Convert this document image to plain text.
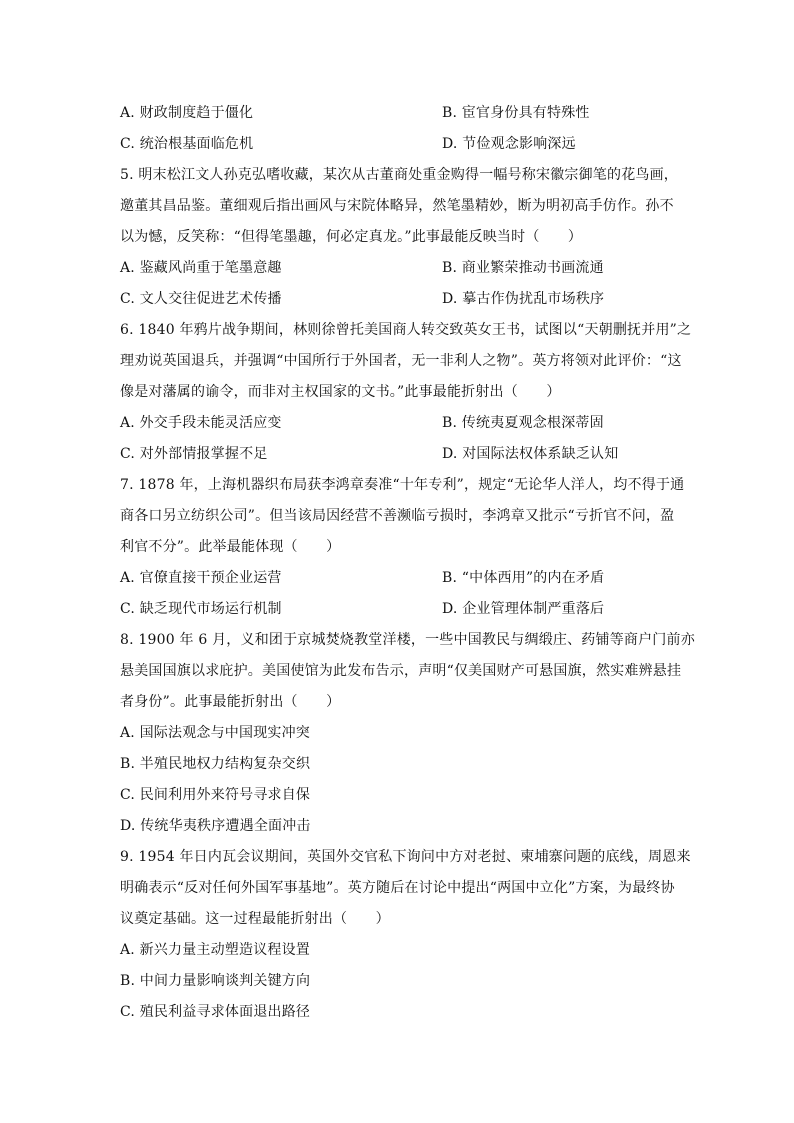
A. 财政制度趋于僵化	B. 宦官身份具有特殊性
C. 统治根基面临危机	D. 节俭观念影响深远
5. 明末松江文人孙克弘嗜收藏，某次从古董商处重金购得一幅号称宋徽宗御笔的花鸟画，
邀董其昌品鉴。董细观后指出画风与宋院体略异，然笔墨精妙，断为明初高手仿作。孙不
以为憾，反笑称：“但得笔墨趣，何必定真龙。”此事最能反映当时（　　）
A. 鉴藏风尚重于笔墨意趣	B. 商业繁荣推动书画流通
C. 文人交往促进艺术传播	D. 摹古作伪扰乱市场秩序
6. 1840 年鸦片战争期间，林则徐曾托美国商人转交致英女王书，试图以“天朝删抚并用”之
理劝说英国退兵，并强调“中国所行于外国者，无一非利人之物”。英方将领对此评价：“这
像是对藩属的谕令，而非对主权国家的文书。”此事最能折射出（　　）
A. 外交手段未能灵活应变	B. 传统夷夏观念根深蒂固
C. 对外部情报掌握不足	D. 对国际法权体系缺乏认知
7. 1878 年，上海机器织布局获李鸿章奏准“十年专利”，规定“无论华人洋人，均不得于通
商各口另立纺织公司”。但当该局因经营不善濒临亏损时，李鸿章又批示“亏折官不问，盈
利官不分”。此举最能体现（　　）
A. 官僚直接干预企业运营	B. “中体西用”的内在矛盾
C. 缺乏现代市场运行机制	D. 企业管理体制严重落后
8. 1900 年 6 月，义和团于京城焚烧教堂洋楼，一些中国教民与绸缎庄、药铺等商户门前亦
悬美国国旗以求庇护。美国使馆为此发布告示，声明“仅美国财产可悬国旗，然实难辨悬挂
者身份”。此事最能折射出（　　）
A. 国际法观念与中国现实冲突
B. 半殖民地权力结构复杂交织
C. 民间利用外来符号寻求自保
D. 传统华夷秩序遭遇全面冲击
9. 1954 年日内瓦会议期间，英国外交官私下询问中方对老挝、柬埔寨问题的底线，周恩来
明确表示“反对任何外国军事基地”。英方随后在讨论中提出“两国中立化”方案，为最终协
议奠定基础。这一过程最能折射出（　　）
A. 新兴力量主动塑造议程设置
B. 中间力量影响谈判关键方向
C. 殖民利益寻求体面退出路径
